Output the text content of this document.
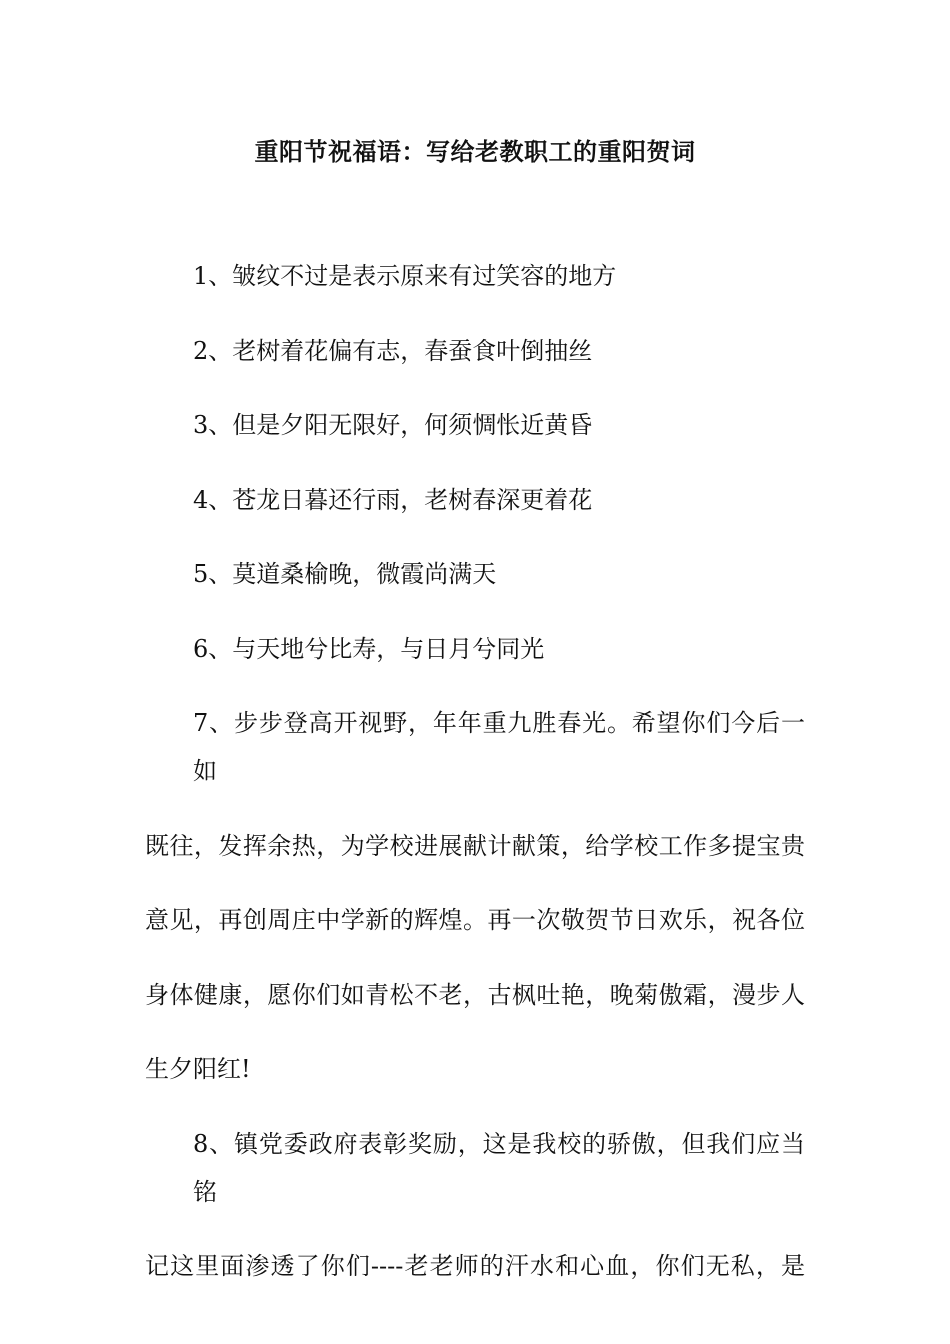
重阳节祝福语：写给老教职工的重阳贺词
1、皱纹不过是表示原来有过笑容的地方
2、老树着花偏有志，春蚕食叶倒抽丝
3、但是夕阳无限好，何须惆怅近黄昏
4、苍龙日暮还行雨，老树春深更着花
5、莫道桑榆晚，微霞尚满天
6、与天地兮比寿，与日月兮同光
7、步步登高开视野，年年重九胜春光。希望你们今后一如
既往，发挥余热，为学校进展献计献策，给学校工作多提宝贵
意见，再创周庄中学新的辉煌。再一次敬贺节日欢乐，祝各位
身体健康，愿你们如青松不老，古枫吐艳，晚菊傲霜，漫步人
生夕阳红!
8、镇党委政府表彰奖励，这是我校的骄傲，但我们应当铭
记这里面渗透了你们----老老师的汗水和心血，你们无私，是
